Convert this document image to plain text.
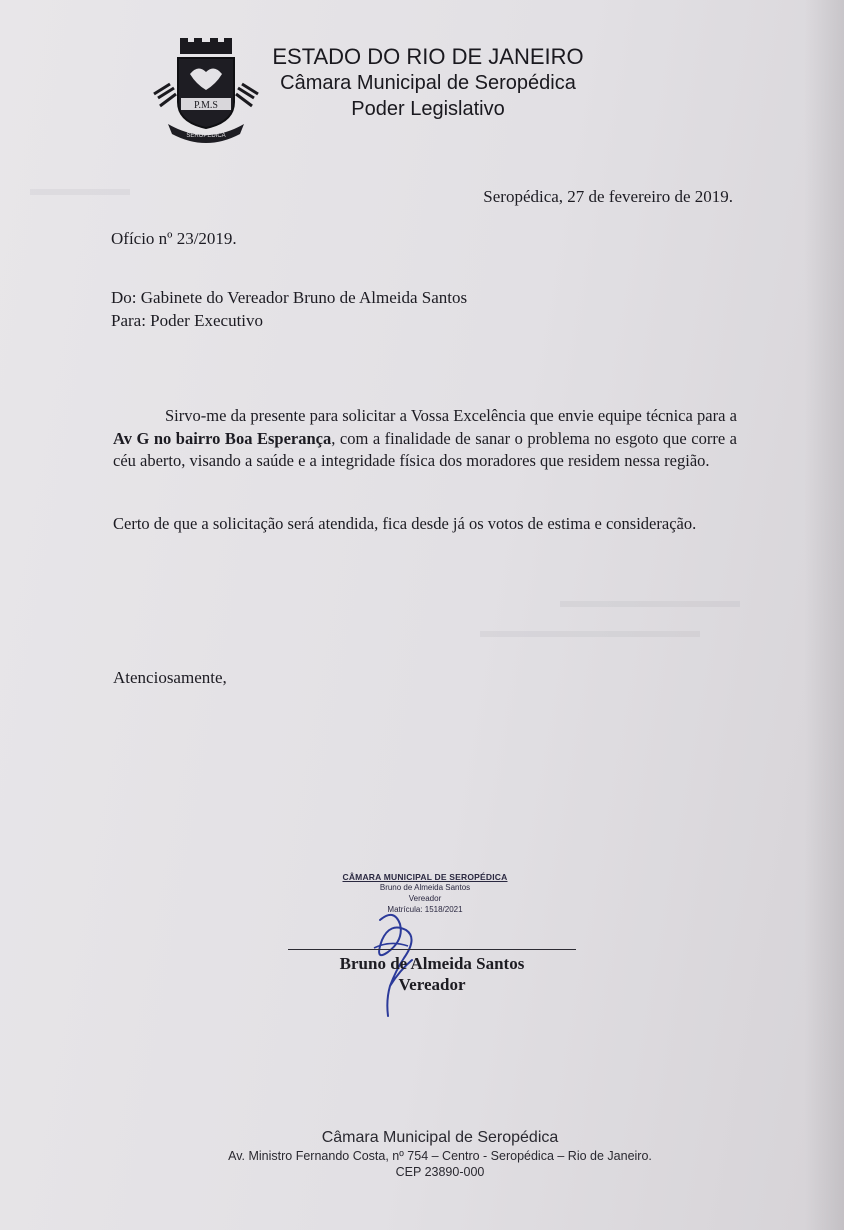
▬▬▬▬▬
▬▬▬▬▬▬▬▬▬
▬▬▬▬▬▬▬▬▬▬▬
P.M.S
SEROPÉDICA
ESTADO DO RIO DE JANEIRO
Câmara Municipal de Seropédica
Poder Legislativo
Seropédica, 27 de fevereiro de 2019.
Ofício nº 23/2019.
Do: Gabinete do Vereador Bruno de Almeida Santos
Para: Poder Executivo
Sirvo-me da presente para solicitar a Vossa Excelência que envie equipe técnica para a Av G no bairro Boa Esperança, com a finalidade de sanar o problema no esgoto que corre a céu aberto, visando a saúde e a integridade física dos moradores que residem nessa região.
Certo de que a solicitação será atendida, fica desde já os votos de estima e consideração.
Atenciosamente,
CÂMARA MUNICIPAL DE SEROPÉDICA
Bruno de Almeida Santos
Vereador
Matrícula: 1518/2021
Bruno de Almeida Santos
Vereador
Câmara Municipal de Seropédica
Av. Ministro Fernando Costa, nº 754 – Centro - Seropédica – Rio de Janeiro.
CEP 23890-000
